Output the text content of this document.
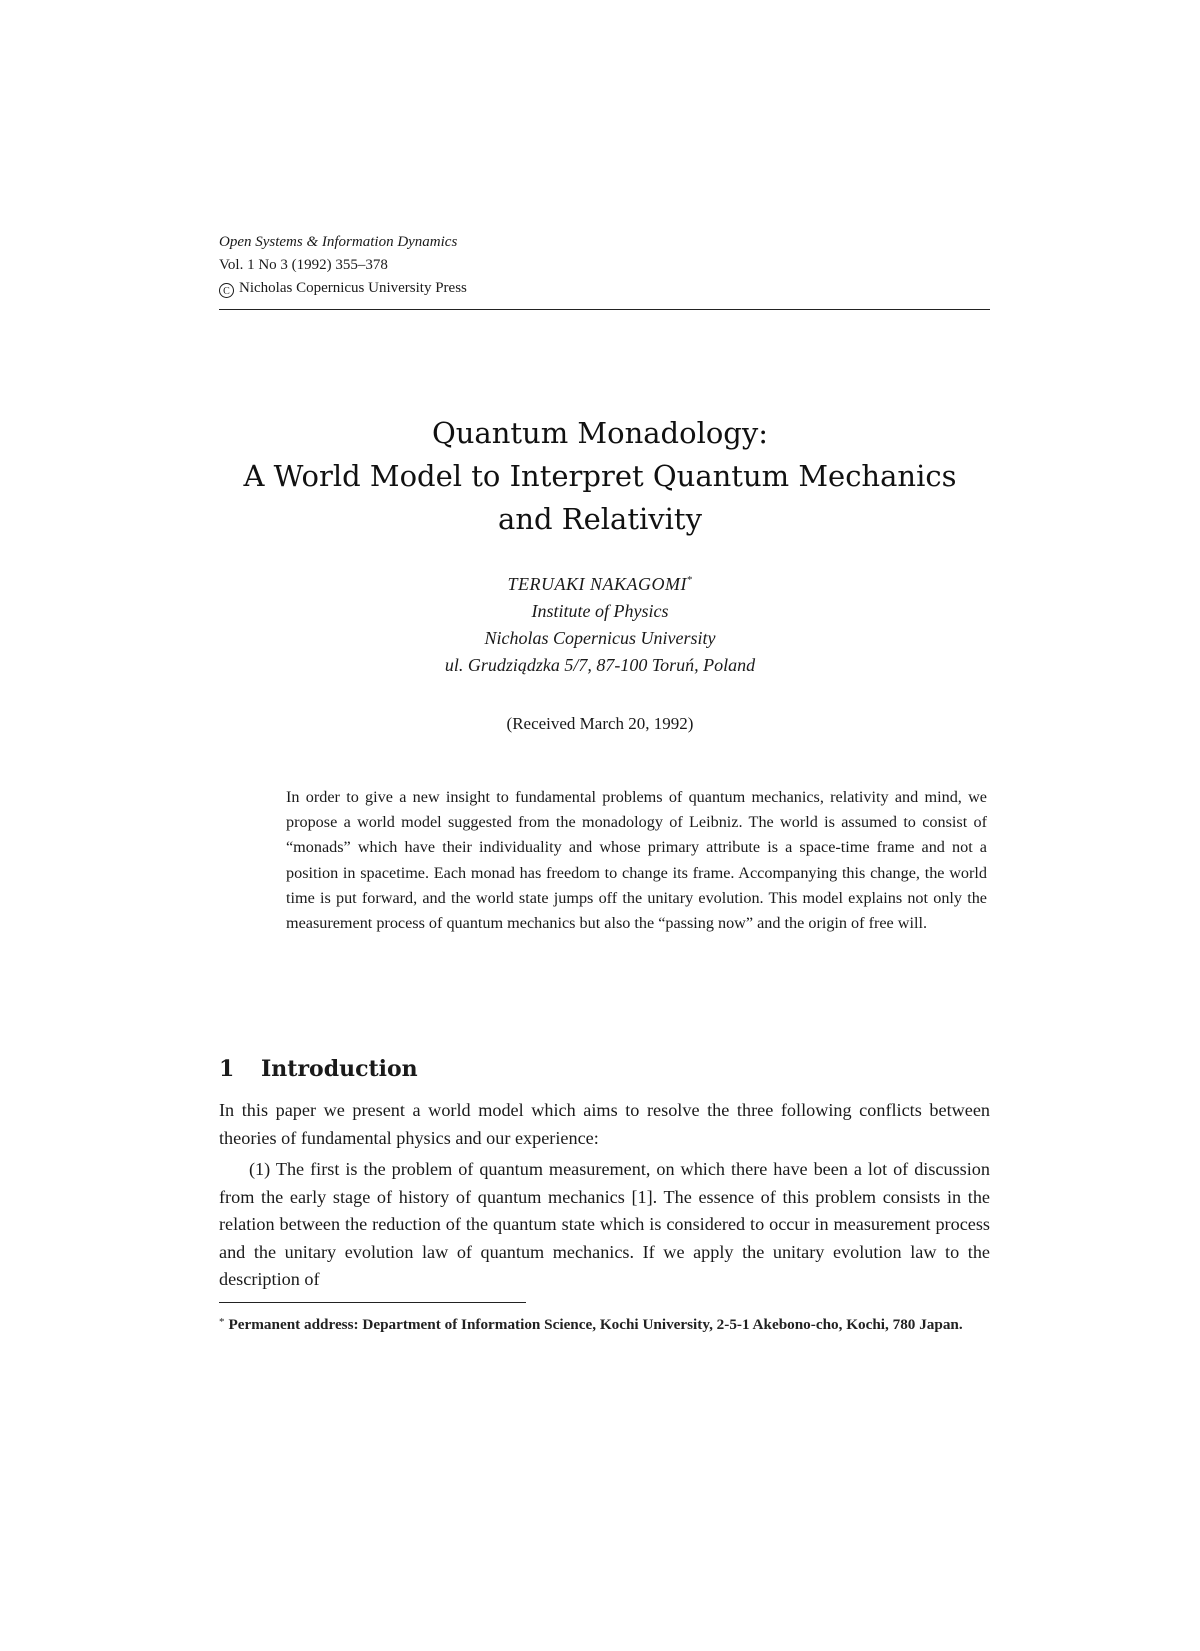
Open Systems & Information Dynamics
Vol. 1 No 3 (1992) 355–378
C Nicholas Copernicus University Press
Quantum Monadology:
A World Model to Interpret Quantum Mechanics
and Relativity
TERUAKI NAKAGOMI*
Institute of Physics
Nicholas Copernicus University
ul. Grudziądzka 5/7, 87-100 Toruń, Poland
(Received March 20, 1992)
In order to give a new insight to fundamental problems of quantum mechanics, relativity and mind, we propose a world model suggested from the monadology of Leibniz. The world is assumed to consist of “monads” which have their individuality and whose primary attribute is a space-time frame and not a position in spacetime. Each monad has freedom to change its frame. Accompanying this change, the world time is put forward, and the world state jumps off the unitary evolution. This model explains not only the measurement process of quantum mechanics but also the “passing now” and the origin of free will.
1 Introduction

In this paper we present a world model which aims to resolve the three following conflicts between theories of fundamental physics and our experience:

(1) The first is the problem of quantum measurement, on which there have been a lot of discussion from the early stage of history of quantum mechanics [1]. The essence of this problem consists in the relation between the reduction of the quantum state which is considered to occur in measurement process and the unitary evolution law of quantum mechanics. If we apply the unitary evolution law to the description of

* Permanent address: Department of Information Science, Kochi University, 2-5-1 Akebono-cho, Kochi, 780 Japan.
